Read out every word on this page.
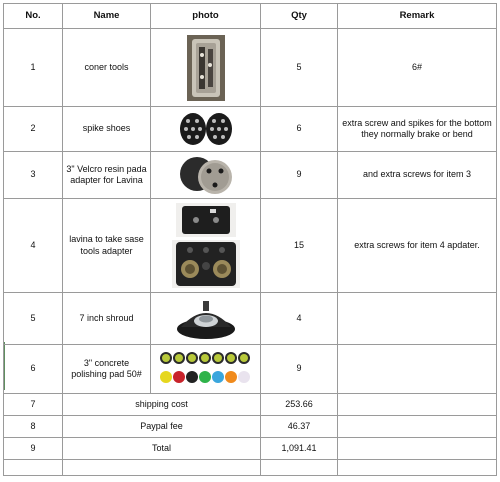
No.	Name	photo	Qty	Remark
1	coner tools		5	6#
2	spike shoes		6	extra screw and spikes for the bottom they normally brake or bend
3	3" Velcro resin pada adapter for Lavina		9	and extra screws for item 3
4	lavina to take sase tools adapter		15	extra screws for item 4 apdater.
5	7 inch shroud		4	
6	3" concrete polishing pad 50#		9	
7	shipping cost		253.66	
8	Paypal fee		46.37	
9	Total		1,091.41	
